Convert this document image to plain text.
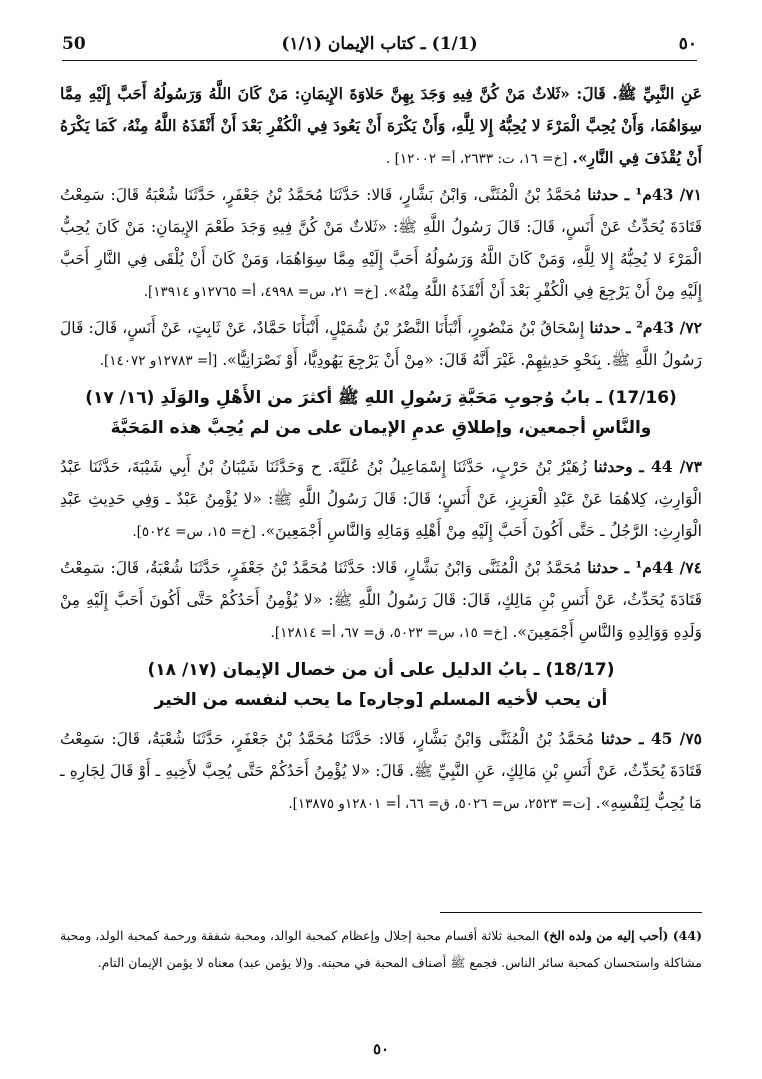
50	(1/1) ـ كتاب الإيمان (١/١)	٥٠

عَنِ النَّبِيِّ ﷺ. قَالَ: «ثَلاثٌ مَنْ كُنَّ فِيهِ وَجَدَ بِهِنَّ حَلاوَةَ الإِيمَانِ: مَنْ كَانَ اللَّهُ وَرَسُولُهُ أَحَبَّ إِلَيْهِ مِمَّا سِوَاهُمَا، وَأَنْ يُحِبَّ الْمَرْءَ لا يُحِبُّهُ إِلا لِلَّهِ، وَأَنْ يَكْرَهَ أَنْ يَعُودَ فِي الْكُفْرِ بَعْدَ أَنْ أَنْقَذَهُ اللَّهُ مِنْهُ، كَمَا يَكْرَهُ أَنْ يُقْذَفَ فِي النَّارِ». [خ= ١٦، ت: ٢٦٣٣، أ= ١٢٠٠٢] .

٧١/ 43م¹ ـ حدثنا مُحَمَّدُ بْنُ الْمُثَنَّى، وَابْنُ بَشَّارٍ، قَالا: حَدَّثَنَا مُحَمَّدُ بْنُ جَعْفَرٍ، حَدَّثَنَا شُعْبَةُ قَالَ: سَمِعْتُ قَتَادَةَ يُحَدِّثُ عَنْ أَنَسٍ، قَالَ: قَالَ رَسُولُ اللَّهِ ﷺ: «ثَلاثٌ مَنْ كُنَّ فِيهِ وَجَدَ طَعْمَ الإِيمَانِ: مَنْ كَانَ يُحِبُّ الْمَرْءَ لا يُحِبُّهُ إِلا لِلَّهِ، وَمَنْ كَانَ اللَّهُ وَرَسُولُهُ أَحَبَّ إِلَيْهِ مِمَّا سِوَاهُمَا، وَمَنْ كَانَ أَنْ يُلْقَى فِي النَّارِ أَحَبَّ إِلَيْهِ مِنْ أَنْ يَرْجِعَ فِي الْكُفْرِ بَعْدَ أَنْ أَنْقَذَهُ اللَّهُ مِنْهُ». [خ= ٢١، س= ٤٩٩٨، أ= ١٢٧٦٥و ١٣٩١٤].

٧٢/ 43م² ـ حدثنا إِسْحَاقُ بْنُ مَنْصُورٍ، أَنْبَأَنَا النَّضْرُ بْنُ شُمَيْلٍ، أَنْبَأَنَا حَمَّادٌ، عَنْ ثَابِتٍ، عَنْ أَنَسٍ، قَالَ: قَالَ رَسُولُ اللَّهِ ﷺ. بِنَحْوِ حَدِيثِهِمْ. غَيْرَ أَنَّهُ قَالَ: «مِنْ أَنْ يَرْجِعَ يَهُودِيًّا، أَوْ نَصْرَانِيًّا». [أ= ١٢٧٨٣و ١٤٠٧٢].

(17/16) ـ بابُ وُجوبِ مَحَبَّةِ رَسُولِ اللهِ ﷺ أكثرَ من الأَهْلِ والوَلَدِ (١٦/ ١٧)
والنَّاسِ أجمعين، وإطلاقِ عدمِ الإيمان على من لم يُحِبَّ هذه المَحَبَّةَ

٧٣/ 44 ـ وحدثنا زُهَيْرُ بْنُ حَرْبٍ، حَدَّثَنَا إِسْمَاعِيلُ بْنُ عُلَيَّةَ. ح وَحَدَّثَنَا شَيْبَانُ بْنُ أَبِي شَيْبَةَ، حَدَّثَنَا عَبْدُ الْوَارِثِ، كِلاهُمَا عَنْ عَبْدِ الْعَزِيزِ، عَنْ أَنَسٍ؛ قَالَ: قَالَ رَسُولُ اللَّهِ ﷺ: «لا يُؤْمِنُ عَبْدٌ ـ وَفِي حَدِيثِ عَبْدِ الْوَارِثِ: الرَّجُلُ ـ حَتَّى أَكُونَ أَحَبَّ إِلَيْهِ مِنْ أَهْلِهِ وَمَالِهِ وَالنَّاسِ أَجْمَعِينَ». [خ= ١٥، س= ٥٠٢٤].

٧٤/ 44م¹ ـ حدثنا مُحَمَّدُ بْنُ الْمُثَنَّى وَابْنُ بَشَّارٍ، قَالا: حَدَّثَنَا مُحَمَّدُ بْنُ جَعْفَرٍ، حَدَّثَنَا شُعْبَةُ، قَالَ: سَمِعْتُ قَتَادَةَ يُحَدِّثُ، عَنْ أَنَسِ بْنِ مَالِكٍ، قَالَ: قَالَ رَسُولُ اللَّهِ ﷺ: «لا يُؤْمِنُ أَحَدُكُمْ حَتَّى أَكُونَ أَحَبَّ إِلَيْهِ مِنْ وَلَدِهِ وَوَالِدِهِ وَالنَّاسِ أَجْمَعِينَ». [خ= ١٥، س= ٥٠٢٣، ق= ٦٧، أ= ١٢٨١٤].

(18/17) ـ بابُ الدليل على أن من خصال الإيمان (١٧/ ١٨)
أن يحب لأخيه المسلم [وجاره] ما يحب لنفسه من الخير

٧٥/ 45 ـ حدثنا مُحَمَّدُ بْنُ الْمُثَنَّى وَابْنُ بَشَّارٍ، قَالا: حَدَّثَنَا مُحَمَّدُ بْنُ جَعْفَرٍ، حَدَّثَنَا شُعْبَةُ، قَالَ: سَمِعْتُ قَتَادَةَ يُحَدِّثُ، عَنْ أَنَسِ بْنِ مَالِكٍ، عَنِ النَّبِيِّ ﷺ. قَالَ: «لا يُؤْمِنُ أَحَدُكُمْ حَتَّى يُحِبَّ لأَخِيهِ ـ أَوْ قَالَ لِجَارِهِ ـ مَا يُحِبُّ لِنَفْسِهِ». [ت= ٢٥٢٣، س= ٥٠٢٦، ق= ٦٦، أ= ١٢٨٠١و ١٣٨٧٥].

(44) (أحب إليه من ولده الخ) المحبة ثلاثة أقسام محبة إجلال وإعظام كمحبة الوالد، ومحبة شفقة ورحمة كمحبة الولد، ومحبة مشاكلة واستحسان كمحبة سائر الناس. فجمع ﷺ أصناف المحبة في محبته. و(لا يؤمن عبد) معناه لا يؤمن الإيمان التام.
٥٠
